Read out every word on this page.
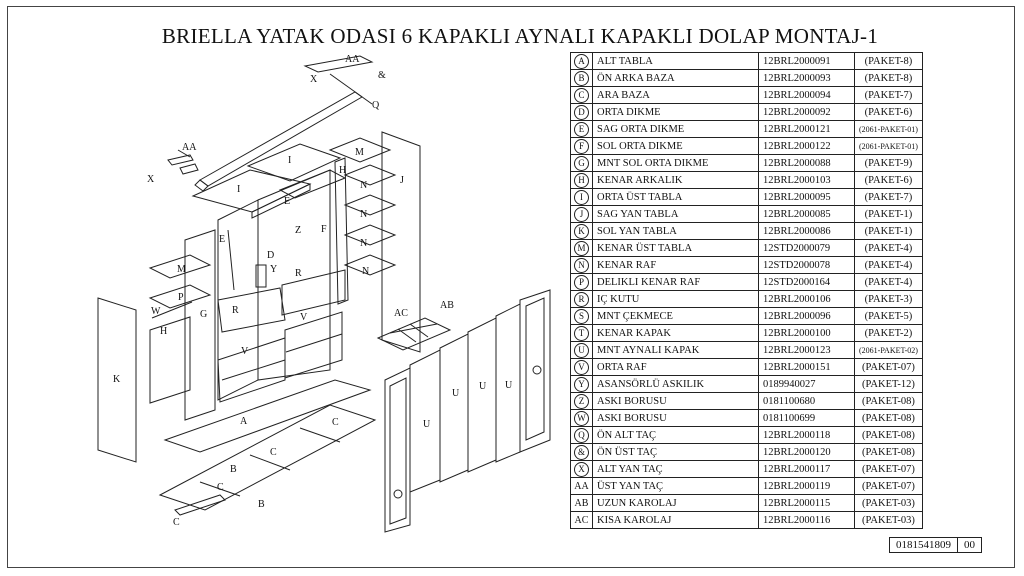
BRIELLA YATAK ODASI 6 KAPAKLI AYNALI KAPAKLI DOLAP MONTAJ-1
AA
X	&
Q
AA
X
I
I
M
H
N
N
N
N
J
E
Z F
E
D
Y R
R
M
P
W
H
G	V
V
K
A	C
C
C
C
B
B
AC
AB
U
U
U U
A	ALT TABLA	12BRL2000091	(PAKET-8)
B	ÖN ARKA BAZA	12BRL2000093	(PAKET-8)
C	ARA BAZA	12BRL2000094	(PAKET-7)
D	ORTA DIKME	12BRL2000092	(PAKET-6)
E	SAG ORTA DIKME	12BRL2000121	(2061-PAKET-01)
F	SOL ORTA DIKME	12BRL2000122	(2061-PAKET-01)
G	MNT SOL ORTA DIKME	12BRL2000088	(PAKET-9)
H	KENAR ARKALIK	12BRL2000103	(PAKET-6)
I	ORTA ÜST TABLA	12BRL2000095	(PAKET-7)
J	SAG YAN TABLA	12BRL2000085	(PAKET-1)
K	SOL YAN TABLA	12BRL2000086	(PAKET-1)
M	KENAR ÜST TABLA	12STD2000079	(PAKET-4)
N	KENAR RAF	12STD2000078	(PAKET-4)
P	DELIKLI KENAR RAF	12STD2000164	(PAKET-4)
R	IÇ KUTU	12BRL2000106	(PAKET-3)
S	MNT ÇEKMECE	12BRL2000096	(PAKET-5)
T	KENAR KAPAK	12BRL2000100	(PAKET-2)
U	MNT AYNALI KAPAK	12BRL2000123	(2061-PAKET-02)
V	ORTA RAF	12BRL2000151	(PAKET-07)
Y	ASANSÖRLÜ ASKILIK	0189940027	(PAKET-12)
Z	ASKI BORUSU	0181100680	(PAKET-08)
W	ASKI BORUSU	0181100699	(PAKET-08)
Q	ÖN ALT TAÇ	12BRL2000118	(PAKET-08)
&	ÖN ÜST TAÇ	12BRL2000120	(PAKET-08)
X	ALT YAN TAÇ	12BRL2000117	(PAKET-07)
AA	ÜST YAN TAÇ	12BRL2000119	(PAKET-07)
AB	UZUN KAROLAJ	12BRL2000115	(PAKET-03)
AC	KISA KAROLAJ	12BRL2000116	(PAKET-03)
0181541809	00
